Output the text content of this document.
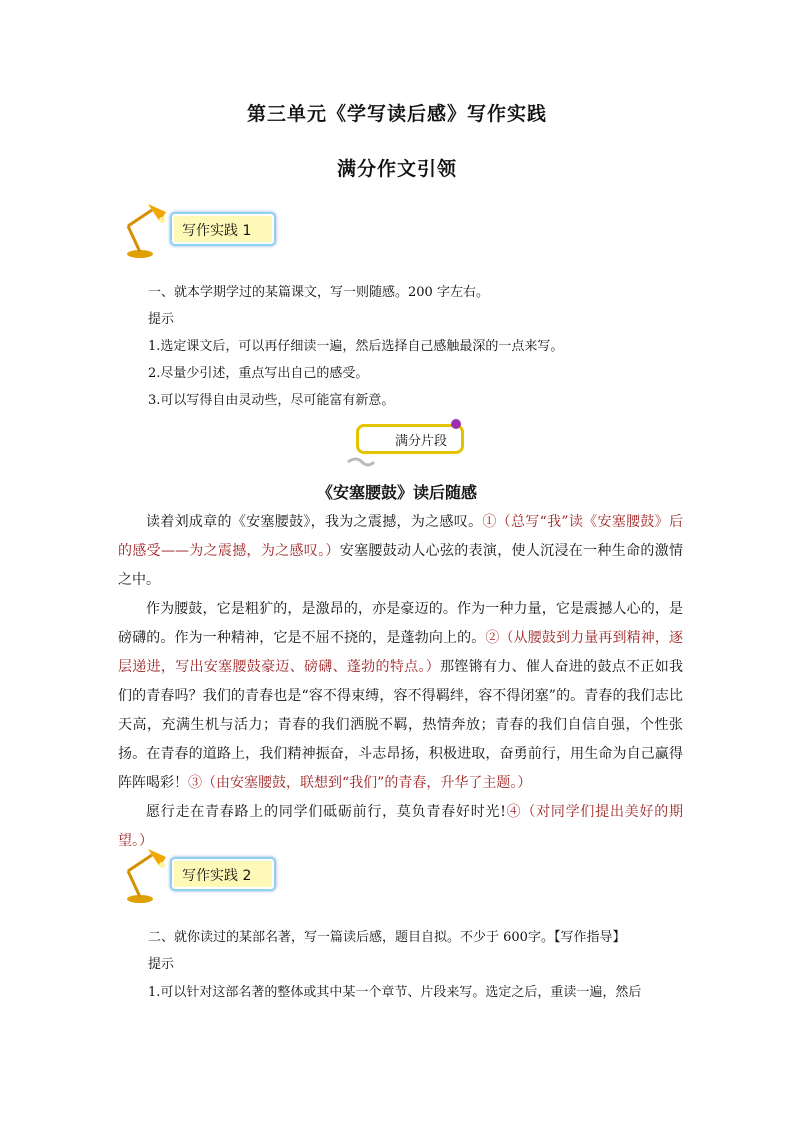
第三单元《学写读后感》写作实践
满分作文引领
写作实践 1
一、就本学期学过的某篇课文，写一则随感。200 字左右。
提示
1.选定课文后，可以再仔细读一遍，然后选择自己感触最深的一点来写。
2.尽量少引述，重点写出自己的感受。
3.可以写得自由灵动些，尽可能富有新意。
满分片段
《安塞腰鼓》读后随感

读着刘成章的《安塞腰鼓》，我为之震撼，为之感叹。①（总写“我”读《安塞腰鼓》后的感受——为之震撼，为之感叹。）安塞腰鼓动人心弦的表演，使人沉浸在一种生命的激情之中。

作为腰鼓，它是粗犷的，是激昂的，亦是豪迈的。作为一种力量，它是震撼人心的，是磅礴的。作为一种精神，它是不屈不挠的，是蓬勃向上的。②（从腰鼓到力量再到精神，逐层递进，写出安塞腰鼓豪迈、磅礴、蓬勃的特点。）那铿锵有力、催人奋进的鼓点不正如我们的青春吗？我们的青春也是“容不得束缚，容不得羁绊，容不得闭塞”的。青春的我们志比天高，充满生机与活力；青春的我们洒脱不羁，热情奔放；青春的我们自信自强，个性张扬。在青春的道路上，我们精神振奋，斗志昂扬，积极进取，奋勇前行，用生命为自己赢得阵阵喝彩！③（由安塞腰鼓，联想到“我们”的青春，升华了主题。）

愿行走在青春路上的同学们砥砺前行，莫负青春好时光!④（对同学们提出美好的期望。）

写作实践 2
二、就你读过的某部名著，写一篇读后感，题目自拟。不少于 600字。【写作指导】
提示
1.可以针对这部名著的整体或其中某一个章节、片段来写。选定之后，重读一遍，然后
